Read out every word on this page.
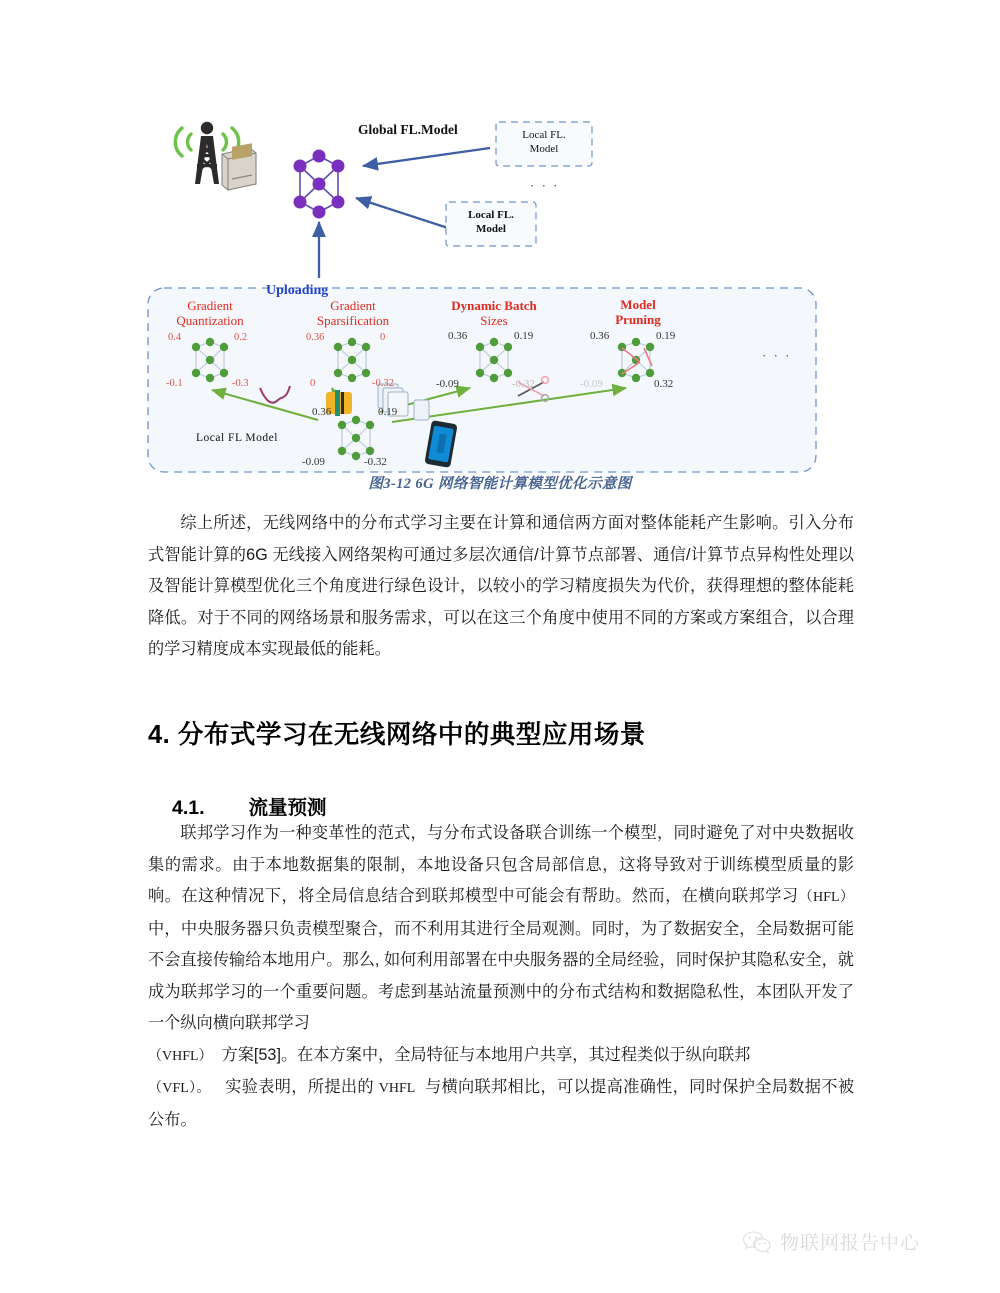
Global FL.Model
Uploading
Local FL.
Model
Local FL.
Model
· · ·
· · ·
Gradient
Quantization
Gradient
Sparsification
Dynamic Batch
Sizes
Model
Pruning
0.4	0.2
-0.1	-0.3
0.36	0
0	-0.32
0.36	0.19
-0.09	-0.32
0.36	0.19
-0.09	0.32
0.36	0.19
-0.09	-0.32
Local FL Model
图3-12 6G 网络智能计算模型优化示意图
综上所述，无线网络中的分布式学习主要在计算和通信两方面对整体能耗产生影响。引入分布式智能计算的6G 无线接入网络架构可通过多层次通信/计算节点部署、通信/计算节点异构性处理以及智能计算模型优化三个角度进行绿色设计，以较小的学习精度损失为代价，获得理想的整体能耗降低。对于不同的网络场景和服务需求，可以在这三个角度中使用不同的方案或方案组合，以合理的学习精度成本实现最低的能耗。
4. 分布式学习在无线网络中的典型应用场景
4.1. 流量预测
联邦学习作为一种变革性的范式，与分布式设备联合训练一个模型，同时避免了对中央数据收集的需求。由于本地数据集的限制，本地设备只包含局部信息，这将导致对于训练模型质量的影响。在这种情况下，将全局信息结合到联邦模型中可能会有帮助。然而，在横向联邦学习（HFL）中，中央服务器只负责模型聚合，而不利用其进行全局观测。同时，为了数据安全，全局数据可能不会直接传输给本地用户。那么, 如何利用部署在中央服务器的全局经验，同时保护其隐私安全，就成为联邦学习的一个重要问题。考虑到基站流量预测中的分布式结构和数据隐私性，本团队开发了一个纵向横向联邦学习
（VHFL） 方案[53]。在本方案中，全局特征与本地用户共享，其过程类似于纵向联邦
（VFL）。 实验表明，所提出的 VHFL 与横向联邦相比，可以提高准确性，同时保护全局数据不被公布。
物联网报告中心
